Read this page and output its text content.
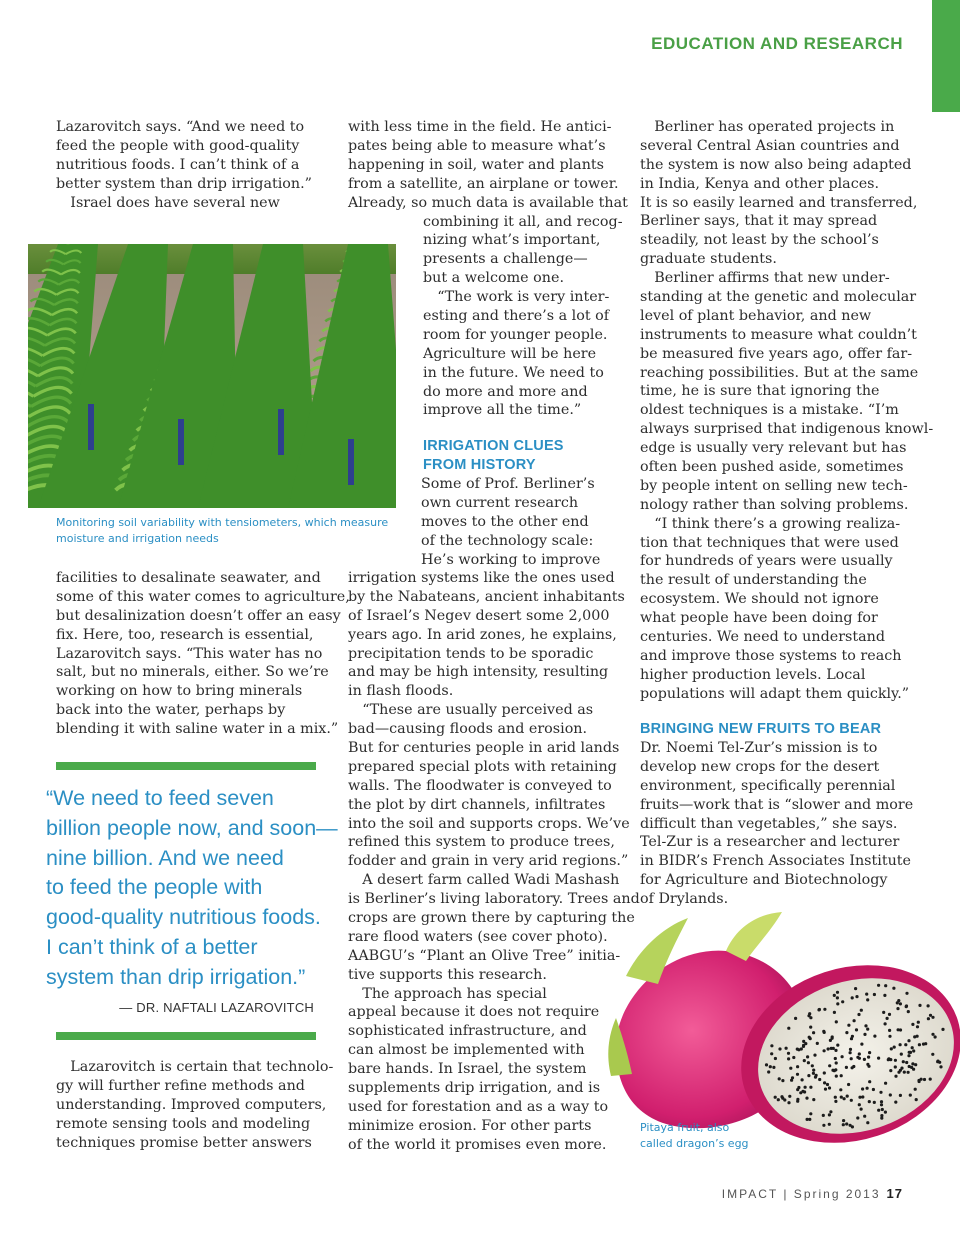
EDUCATION AND RESEARCH
Lazarovitch says. “And we need to
feed the people with good-quality
nutritious foods. I can’t think of a
better system than drip irrigation.”
 Israel does have several new
Monitoring soil variability with tensiometers, which measure
moisture and irrigation needs
facilities to desalinate seawater, and
some of this water comes to agriculture,
but desalinization doesn’t offer an easy
fix. Here, too, research is essential,
Lazarovitch says. “This water has no
salt, but no minerals, either. So we’re
working on how to bring minerals
back into the water, perhaps by
blending it with saline water in a mix.”
“We need to feed seven
billion people now, and soon—
nine billion. And we need
to feed the people with
good-quality nutritious foods.
I can’t think of a better
system than drip irrigation.”
— DR. NAFTALI LAZAROVITCH
 Lazarovitch is certain that technolo-
gy will further refine methods and
understanding. Improved computers,
remote sensing tools and modeling
techniques promise better answers
with less time in the field. He antici-
pates being able to measure what’s
happening in soil, water and plants
from a satellite, an airplane or tower.
Already, so much data is available that
combining it all, and recog-
nizing what’s important,
presents a challenge—
but a welcome one.
 “The work is very inter-
esting and there’s a lot of
room for younger people.
Agriculture will be here
in the future. We need to
do more and more and
improve all the time.”
IRRIGATION CLUES
FROM HISTORY
Some of Prof. Berliner’s
own current research
moves to the other end
of the technology scale:
He’s working to improve
irrigation systems like the ones used
by the Nabateans, ancient inhabitants
of Israel’s Negev desert some 2,000
years ago. In arid zones, he explains,
precipitation tends to be sporadic
and may be high intensity, resulting
in flash floods.
 “These are usually perceived as
bad—causing floods and erosion.
But for centuries people in arid lands
prepared special plots with retaining
walls. The floodwater is conveyed to
the plot by dirt channels, infiltrates
into the soil and supports crops. We’ve
refined this system to produce trees,
fodder and grain in very arid regions.”
 A desert farm called Wadi Mashash
is Berliner’s living laboratory. Trees and
crops are grown there by capturing the
rare flood waters (see cover photo).
AABGU’s “Plant an Olive Tree” initia-
tive supports this research.
 The approach has special
appeal because it does not require
sophisticated infrastructure, and
can almost be implemented with
bare hands. In Israel, the system
supplements drip irrigation, and is
used for forestation and as a way to
minimize erosion. For other parts
of the world it promises even more.
 Berliner has operated projects in
several Central Asian countries and
the system is now also being adapted
in India, Kenya and other places.
It is so easily learned and transferred,
Berliner says, that it may spread
steadily, not least by the school’s
graduate students.
 Berliner affirms that new under-
standing at the genetic and molecular
level of plant behavior, and new
instruments to measure what couldn’t
be measured five years ago, offer far-
reaching possibilities. But at the same
time, he is sure that ignoring the
oldest techniques is a mistake. “I’m
always surprised that indigenous knowl-
edge is usually very relevant but has
often been pushed aside, sometimes
by people intent on selling new tech-
nology rather than solving problems.
 “I think there’s a growing realiza-
tion that techniques that were used
for hundreds of years were usually
the result of understanding the
ecosystem. We should not ignore
what people have been doing for
centuries. We need to understand
and improve those systems to reach
higher production levels. Local
populations will adapt them quickly.”
BRINGING NEW FRUITS TO BEAR
Dr. Noemi Tel-Zur’s mission is to
develop new crops for the desert
environment, specifically perennial
fruits—work that is “slower and more
difficult than vegetables,” she says.
Tel-Zur is a researcher and lecturer
in BIDR’s French Associates Institute
for Agriculture and Biotechnology
of Drylands.
Pitaya fruit, also
called dragon’s egg
IMPACT | Spring 2013 17
